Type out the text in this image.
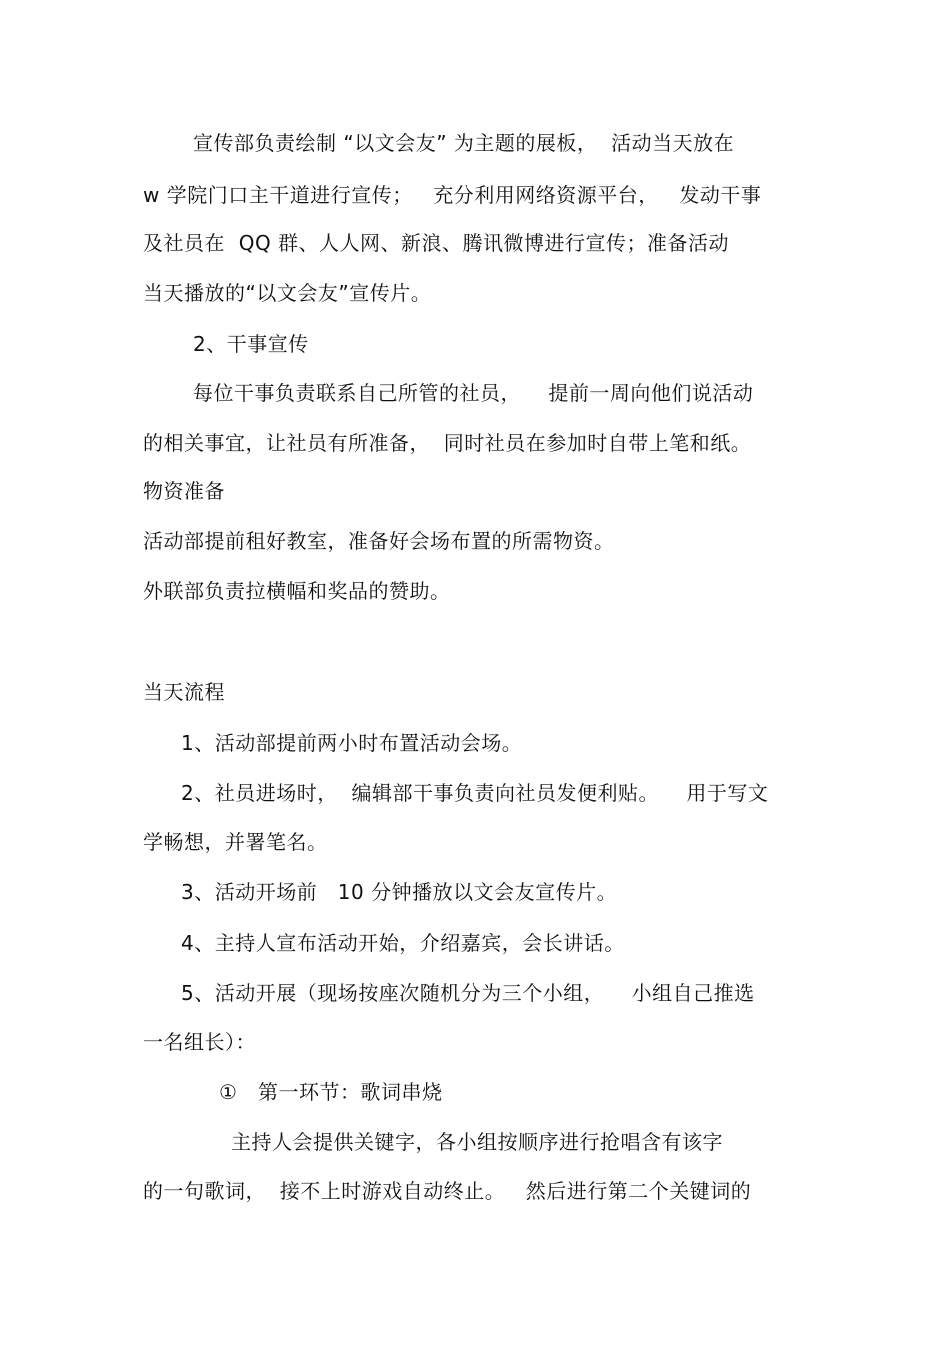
宣传部负责绘制 “以文会友” 为主题的展板，  活动当天放在
w 学院门口主干道进行宣传；   充分利用网络资源平台，   发动干事
及社员在  QQ 群、人人网、新浪、腾讯微博进行宣传；准备活动
当天播放的“以文会友”宣传片。
2、干事宣传
每位干事负责联系自己所管的社员，    提前一周向他们说活动
的相关事宜，让社员有所准备，  同时社员在参加时自带上笔和纸。
物资准备
活动部提前租好教室，准备好会场布置的所需物资。
外联部负责拉横幅和奖品的赞助。
当天流程
1、活动部提前两小时布置活动会场。
2、社员进场时，  编辑部干事负责向社员发便利贴。    用于写文
学畅想，并署笔名。
3、活动开场前   10 分钟播放以文会友宣传片。
4、主持人宣布活动开始，介绍嘉宾，会长讲话。
5、活动开展（现场按座次随机分为三个小组，    小组自己推选
一名组长）：
①   第一环节：歌词串烧
主持人会提供关键字，各小组按顺序进行抢唱含有该字
的一句歌词，  接不上时游戏自动终止。   然后进行第二个关键词的
